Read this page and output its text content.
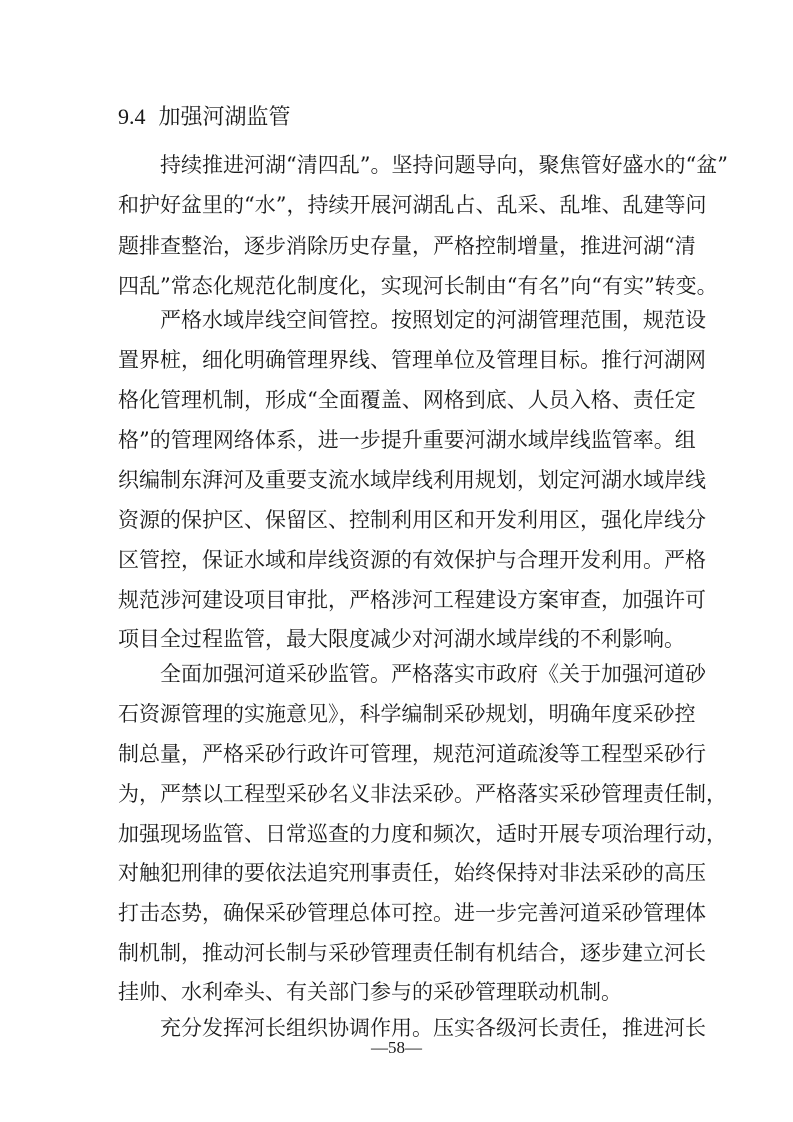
9.4 加强河湖监管
持续推进河湖“清四乱”。坚持问题导向，聚焦管好盛水的“盆”
和护好盆里的“水”，持续开展河湖乱占、乱采、乱堆、乱建等问
题排查整治，逐步消除历史存量，严格控制增量，推进河湖“清
四乱”常态化规范化制度化，实现河长制由“有名”向“有实”转变。
严格水域岸线空间管控。按照划定的河湖管理范围，规范设
置界桩，细化明确管理界线、管理单位及管理目标。推行河湖网
格化管理机制，形成“全面覆盖、网格到底、人员入格、责任定
格”的管理网络体系，进一步提升重要河湖水域岸线监管率。组
织编制东湃河及重要支流水域岸线利用规划，划定河湖水域岸线
资源的保护区、保留区、控制利用区和开发利用区，强化岸线分
区管控，保证水域和岸线资源的有效保护与合理开发利用。严格
规范涉河建设项目审批，严格涉河工程建设方案审查，加强许可
项目全过程监管，最大限度减少对河湖水域岸线的不利影响。
全面加强河道采砂监管。严格落实市政府《关于加强河道砂
石资源管理的实施意见》，科学编制采砂规划，明确年度采砂控
制总量，严格采砂行政许可管理，规范河道疏浚等工程型采砂行
为，严禁以工程型采砂名义非法采砂。严格落实采砂管理责任制，
加强现场监管、日常巡查的力度和频次，适时开展专项治理行动，
对触犯刑律的要依法追究刑事责任，始终保持对非法采砂的高压
打击态势，确保采砂管理总体可控。进一步完善河道采砂管理体
制机制，推动河长制与采砂管理责任制有机结合，逐步建立河长
挂帅、水利牵头、有关部门参与的采砂管理联动机制。
充分发挥河长组织协调作用。压实各级河长责任，推进河长
—58—
